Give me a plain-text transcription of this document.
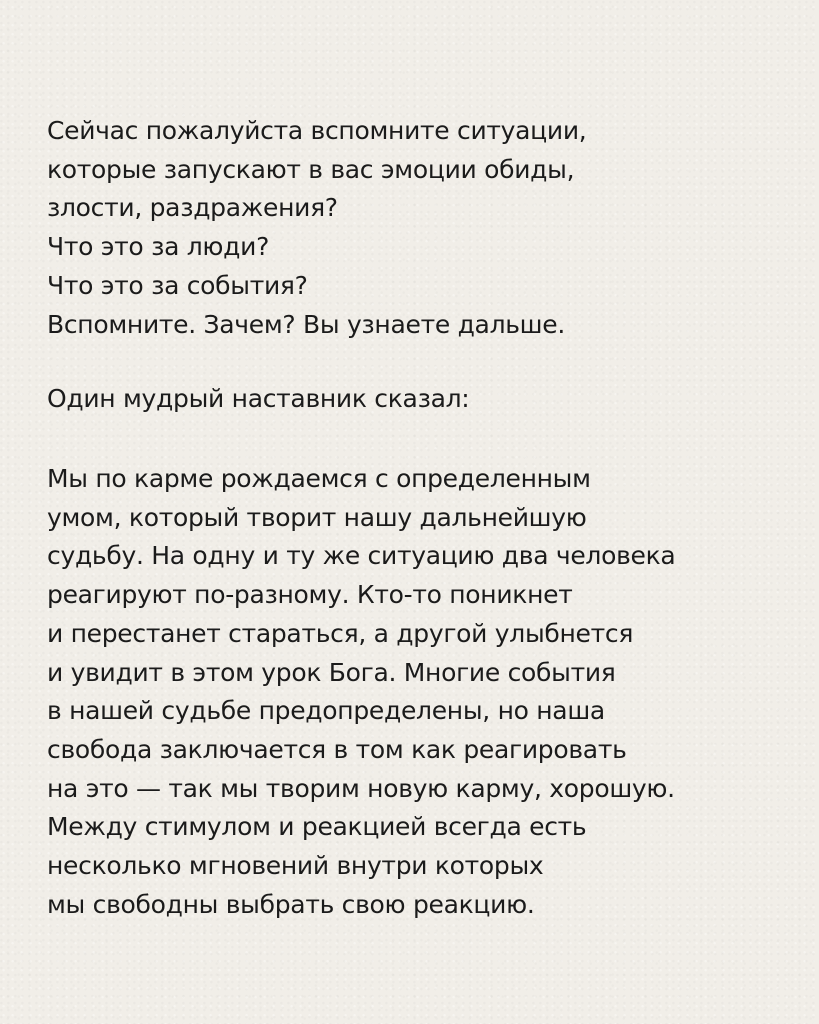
Сейчас пожалуйста вспомните ситуации,
которые запускают в вас эмоции обиды,
злости, раздражения?
Что это за люди?
Что это за события?
Вспомните. Зачем? Вы узнаете дальше.
Один мудрый наставник сказал:
Мы по карме рождаемся с определенным
умом, который творит нашу дальнейшую
судьбу. На одну и ту же ситуацию два человека
реагируют по-разному. Кто-то поникнет
и перестанет стараться, а другой улыбнется
и увидит в этом урок Бога. Многие события
в нашей судьбе предопределены, но наша
свобода заключается в том как реагировать
на это — так мы творим новую карму, хорошую.
Между стимулом и реакцией всегда есть
несколько мгновений внутри которых
мы свободны выбрать свою реакцию.
